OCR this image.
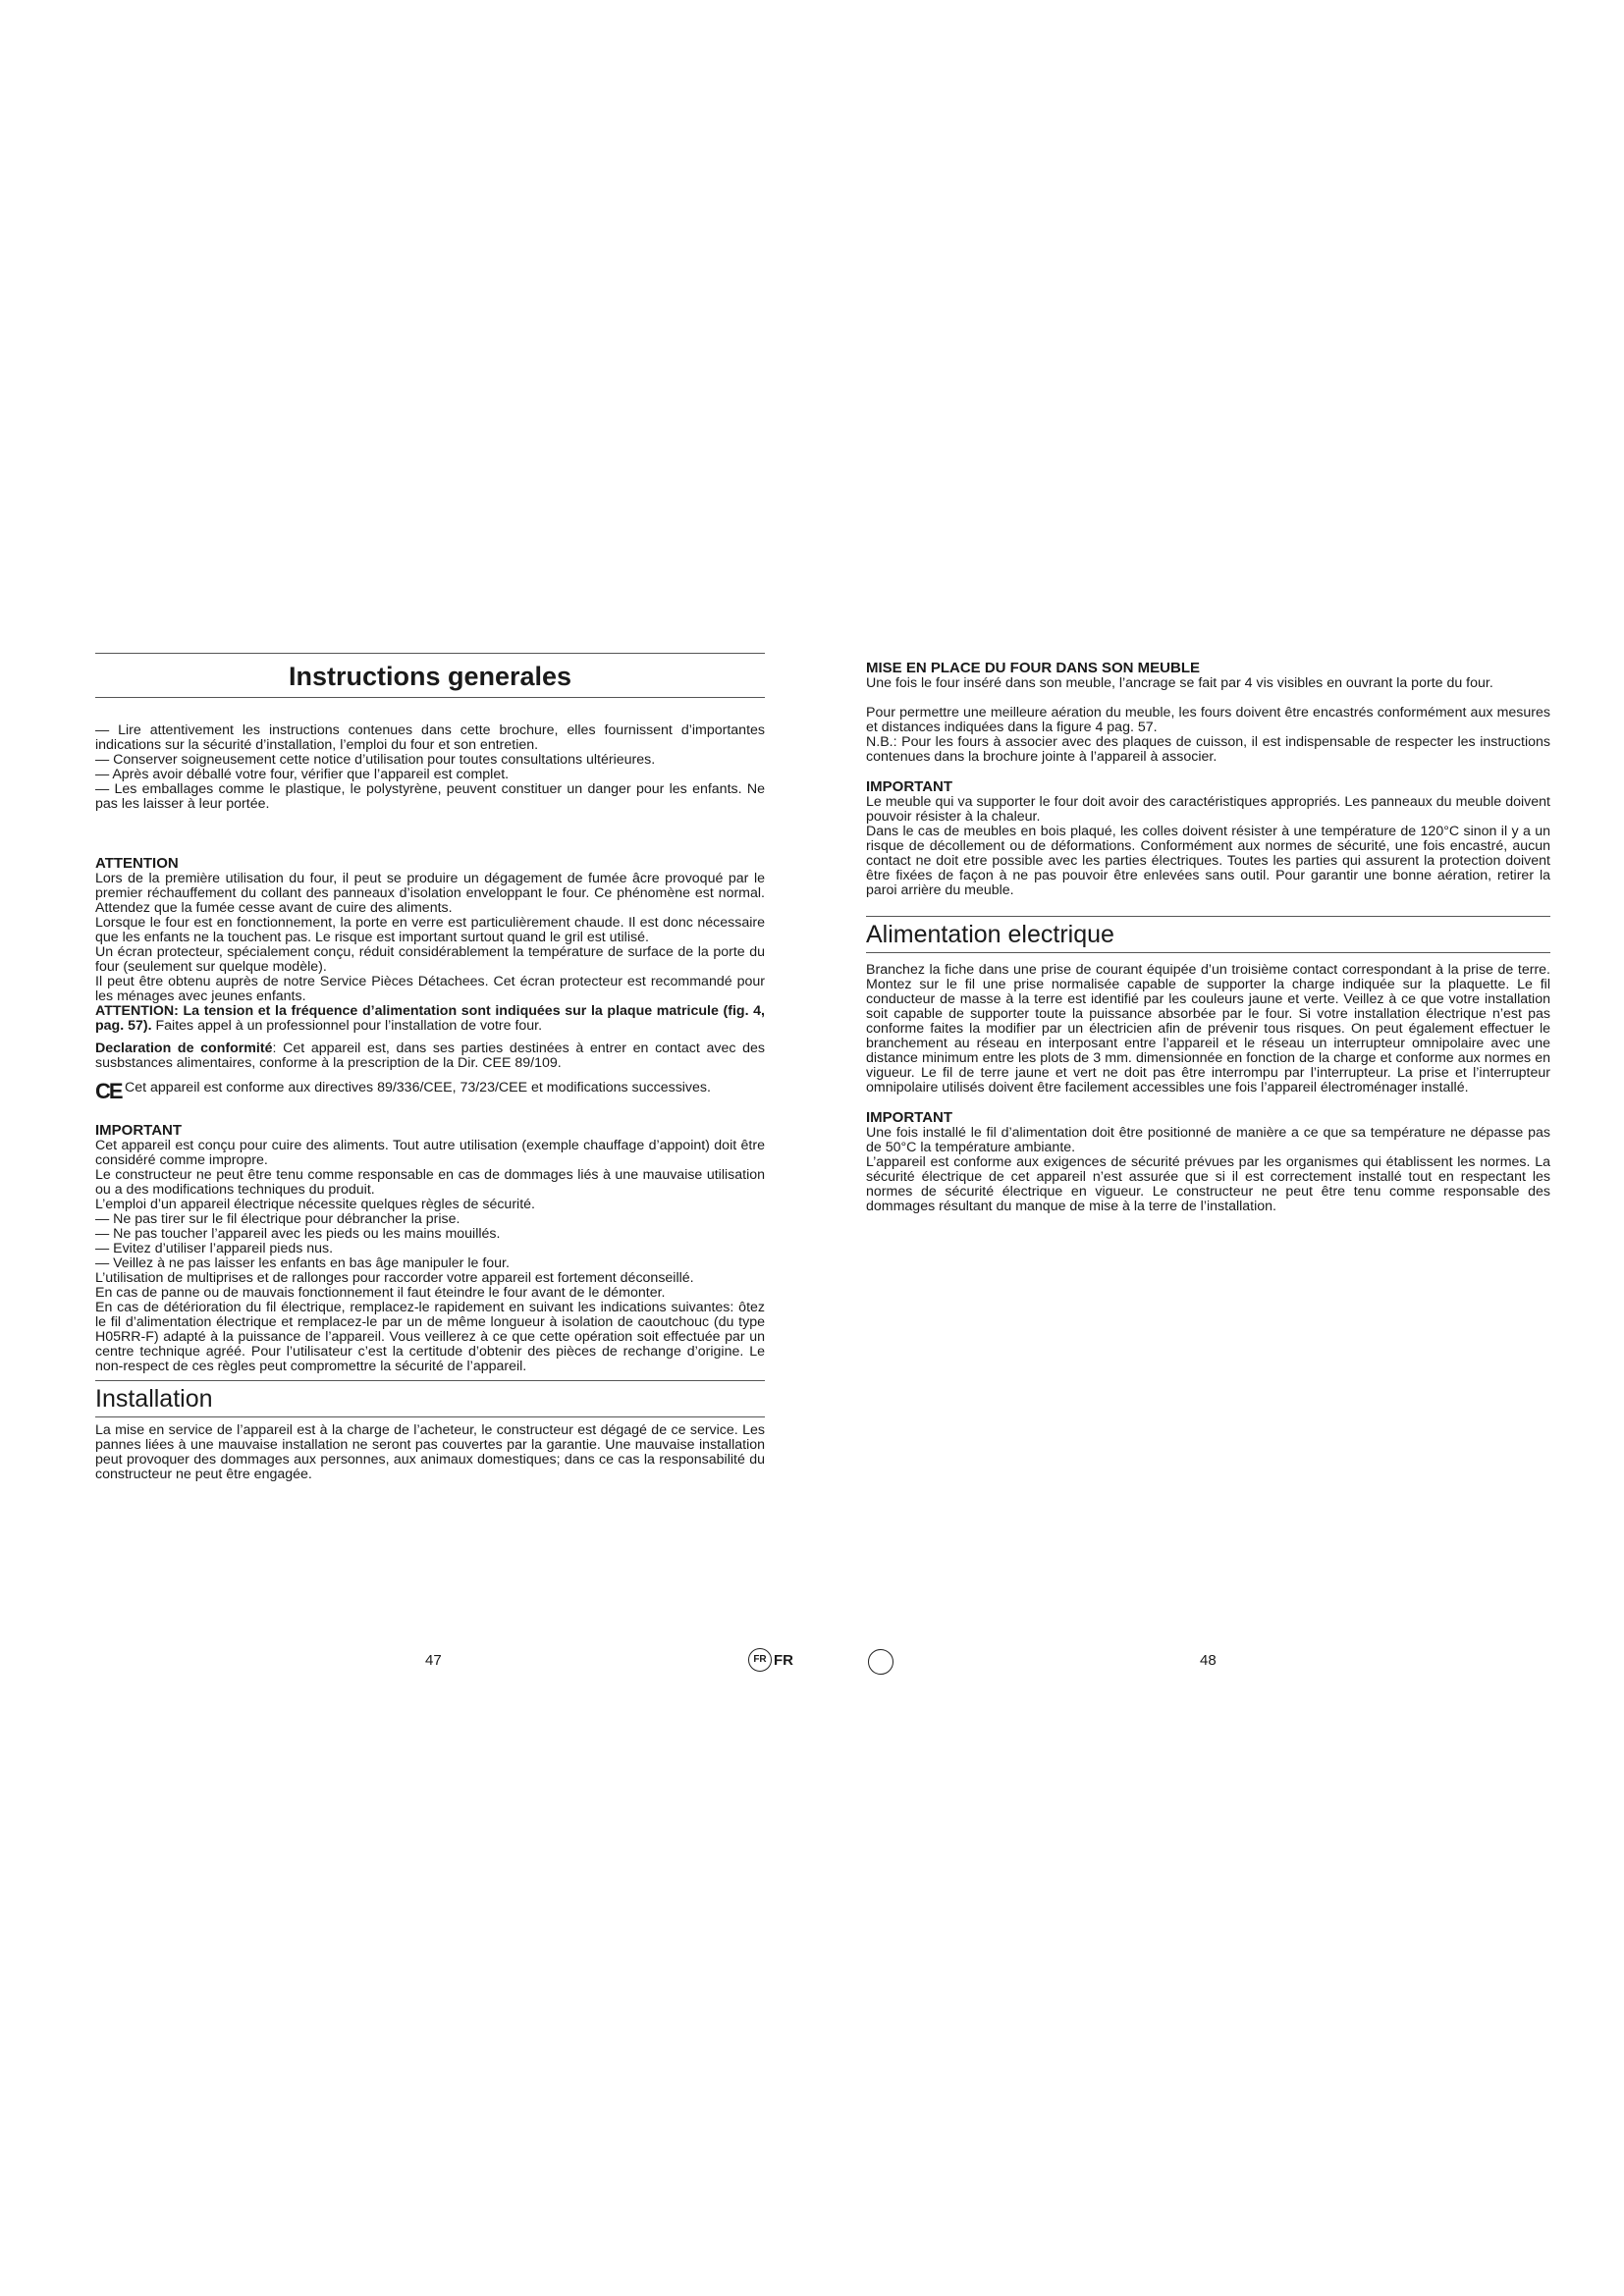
Instructions generales

— Lire attentivement les instructions contenues dans cette brochure, elles fournissent d’importantes indications sur la sécurité d’installation, l’emploi du four et son entretien.

— Conserver soigneusement cette notice d’utilisation pour toutes consultations ultérieures.

— Après avoir déballé votre four, vérifier que l’appareil est complet.

— Les emballages comme le plastique, le polystyrène, peuvent constituer un danger pour les enfants. Ne pas les laisser à leur portée.

ATTENTION

Lors de la première utilisation du four, il peut se produire un dégagement de fumée âcre provoqué par le premier réchauffement du collant des panneaux d’isolation enveloppant le four. Ce phénomène est normal. Attendez que la fumée cesse avant de cuire des aliments.

Lorsque le four est en fonctionnement, la porte en verre est particulièrement chaude. Il est donc nécessaire que les enfants ne la touchent pas. Le risque est important surtout quand le gril est utilisé.

Un écran protecteur, spécialement conçu, réduit considérablement la température de surface de la porte du four (seulement sur quelque modèle).

Il peut être obtenu auprès de notre Service Pièces Détachees. Cet écran protecteur est recommandé pour les ménages avec jeunes enfants.

ATTENTION: La tension et la fréquence d’alimentation sont indiquées sur la plaque matricule (fig. 4, pag. 57). Faites appel à un professionnel pour l’installation de votre four.

Declaration de conformité: Cet appareil est, dans ses parties destinées à entrer en contact avec des susbstances alimentaires, conforme à la prescription de la Dir. CEE 89/109.

CE Cet appareil est conforme aux directives 89/336/CEE, 73/23/CEE et modifications successives.

IMPORTANT

Cet appareil est conçu pour cuire des aliments. Tout autre utilisation (exemple chauffage d’appoint) doit être considéré comme impropre.

Le constructeur ne peut être tenu comme responsable en cas de dommages liés à une mauvaise utilisation ou a des modifications techniques du produit.

L’emploi d’un appareil électrique nécessite quelques règles de sécurité.

— Ne pas tirer sur le fil électrique pour débrancher la prise.

— Ne pas toucher l’appareil avec les pieds ou les mains mouillés.

— Evitez d’utiliser l’appareil pieds nus.

— Veillez à ne pas laisser les enfants en bas âge manipuler le four.

L’utilisation de multiprises et de rallonges pour raccorder votre appareil est fortement déconseillé.

En cas de panne ou de mauvais fonctionnement il faut éteindre le four avant de le démonter.

En cas de détérioration du fil électrique, remplacez-le rapidement en suivant les indications suivantes: ôtez le fil d’alimentation électrique et remplacez-le par un de même longueur à isolation de caoutchouc (du type H05RR-F) adapté à la puissance de l’appareil. Vous veillerez à ce que cette opération soit effectuée par un centre technique agréé. Pour l’utilisateur c’est la certitude d’obtenir des pièces de rechange d’origine. Le non-respect de ces règles peut compromettre la sécurité de l’appareil.

Installation

La mise en service de l’appareil est à la charge de l’acheteur, le constructeur est dégagé de ce service. Les pannes liées à une mauvaise installation ne seront pas couvertes par la garantie. Une mauvaise installation peut provoquer des dommages aux personnes, aux animaux domestiques; dans ce cas la responsabilité du constructeur ne peut être engagée.

MISE EN PLACE DU FOUR DANS SON MEUBLE

Une fois le four inséré dans son meuble, l’ancrage se fait par 4 vis visibles en ouvrant la porte du four.

Pour permettre une meilleure aération du meuble, les fours doivent être encastrés conformément aux mesures et distances indiquées dans la figure 4 pag. 57.

N.B.: Pour les fours à associer avec des plaques de cuisson, il est indispensable de respecter les instructions contenues dans la brochure jointe à l’appareil à associer.

IMPORTANT

Le meuble qui va supporter le four doit avoir des caractéristiques appropriés. Les panneaux du meuble doivent pouvoir résister à la chaleur.

Dans le cas de meubles en bois plaqué, les colles doivent résister à une température de 120°C sinon il y a un risque de décollement ou de déformations. Conformément aux normes de sécurité, une fois encastré, aucun contact ne doit etre possible avec les parties électriques. Toutes les parties qui assurent la protection doivent être fixées de façon à ne pas pouvoir être enlevées sans outil. Pour garantir une bonne aération, retirer la paroi arrière du meuble.

Alimentation electrique

Branchez la fiche dans une prise de courant équipée d’un troisième contact correspondant à la prise de terre. Montez sur le fil une prise normalisée capable de supporter la charge indiquée sur la plaquette. Le fil conducteur de masse à la terre est identifié par les couleurs jaune et verte. Veillez à ce que votre installation soit capable de supporter toute la puissance absorbée par le four. Si votre installation électrique n’est pas conforme faites la modifier par un électricien afin de prévenir tous risques. On peut également effectuer le branchement au réseau en interposant entre l’appareil et le réseau un interrupteur omnipolaire avec une distance minimum entre les plots de 3 mm. dimensionnée en fonction de la charge et conforme aux normes en vigueur. Le fil de terre jaune et vert ne doit pas être interrompu par l’interrupteur. La prise et l’interrupteur omnipolaire utilisés doivent être facilement accessibles une fois l’appareil électroménager installé.

IMPORTANT

Une fois installé le fil d’alimentation doit être positionné de manière a ce que sa température ne dépasse pas de 50°C la température ambiante.

L’appareil est conforme aux exigences de sécurité prévues par les organismes qui établissent les normes. La sécurité électrique de cet appareil n’est assurée que si il est correctement installé tout en respectant les normes de sécurité électrique en vigueur. Le constructeur ne peut être tenu comme responsable des dommages résultant du manque de mise à la terre de l’installation.

47	FR FR	48
